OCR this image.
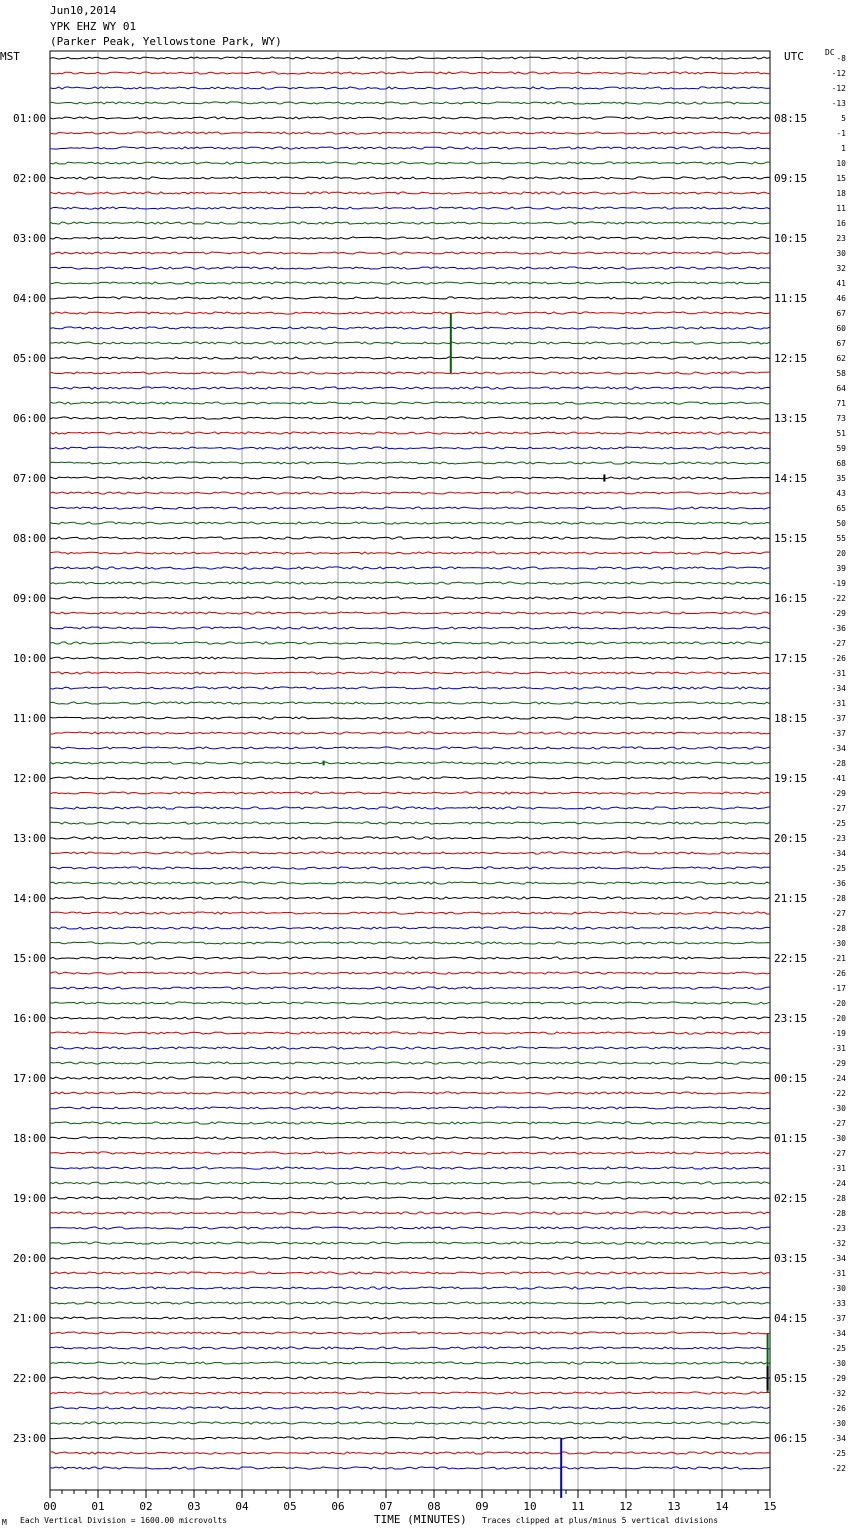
Jun10,2014
YPK EHZ WY 01
(Parker Peak, Yellowstone Park, WY)
MST	UTC	DC
00	01	02	03	04	05	06	07	08	09	10	11	12	13	14	15
-8
-12
-12
-13
5
-1
1
10
15
18
11
16
23
30
32
41
46
67
60
67
62
58
64
71
73
51
59
68
35
43
65
50
55
20
39
-19
-22
-29
-36
-27
-26
-31
-34
-31
-37
-37
-34
-28
-41
-29
-27
-25
-23
-34
-25
-36
-28
-27
-28
-30
-21
-26
-17
-20
-20
-19
-31
-29
-24
-22
-30
-27
-30
-27
-31
-24
-28
-28
-23
-32
-34
-31
-30
-33
-37
-34
-25
-30
-29
-32
-26
-30
-34
-25
-22
01:00
02:00
03:00
04:00
05:00
06:00
07:00
08:00
09:00
10:00
11:00
12:00
13:00
14:00
15:00
16:00
17:00
18:00
19:00
20:00
21:00
22:00
23:00
08:15
09:15
10:15
11:15
12:15
13:15
14:15
15:15
16:15
17:15
18:15
19:15
20:15
21:15
22:15
23:15
00:15
01:15
02:15
03:15
04:15
05:15
06:15
M Each Vertical Division = 1600.00 microvolts	TIME (MINUTES) Traces clipped at plus/minus 5 vertical divisions
